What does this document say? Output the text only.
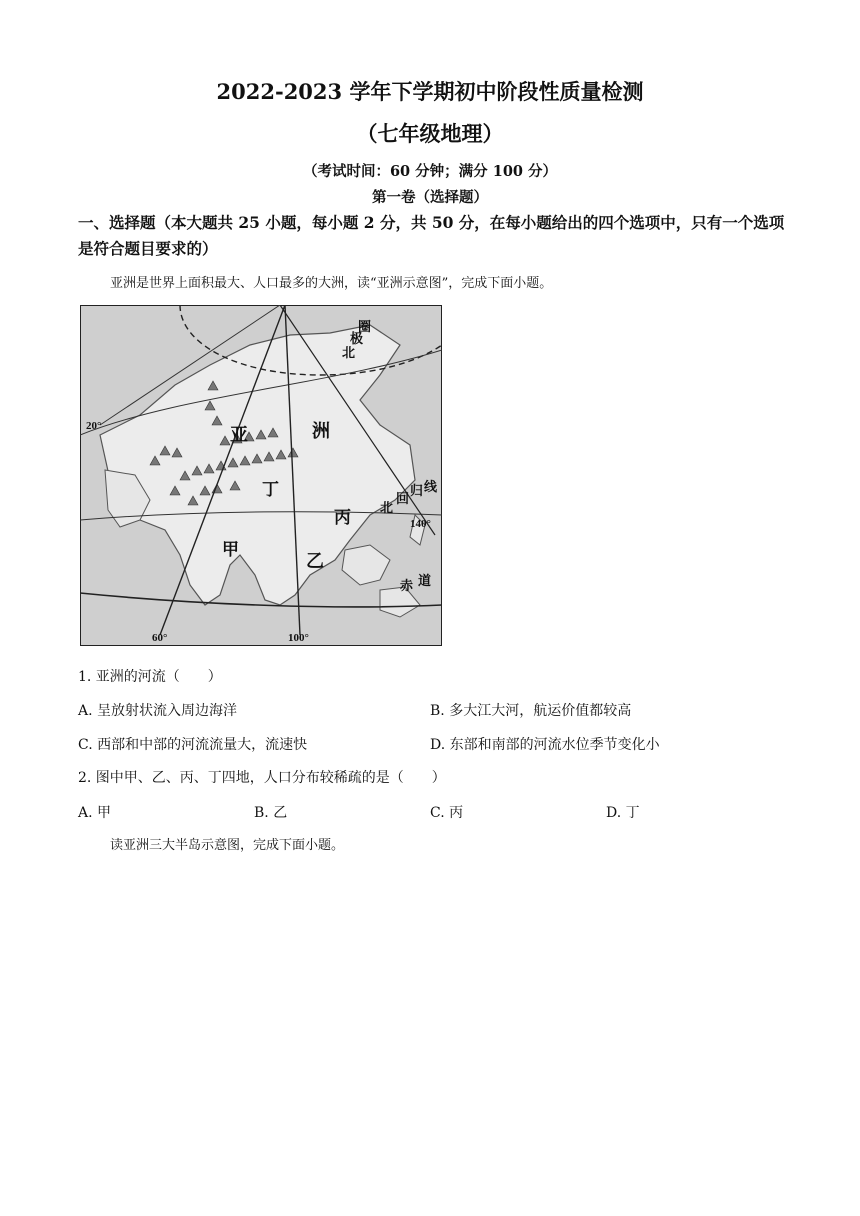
2022-2023 学年下学期初中阶段性质量检测
（七年级地理）
（考试时间：60 分钟；满分 100 分）
第一卷（选择题）
一、选择题（本大题共 25 小题，每小题 2 分，共 50 分，在每小题给出的四个选项中，只有一个选项是符合题目要求的）
亚洲是世界上面积最大、人口最多的大洲，读“亚洲示意图”，完成下面小题。
亚	洲
丁
丙
甲
乙
北
极
圈
北
回
归 线
赤 道
20°
60°	100°
140°
1. 亚洲的河流（　　）
A. 呈放射状流入周边海洋	B. 多大江大河，航运价值都较高
C. 西部和中部的河流流量大，流速快	D. 东部和南部的河流水位季节变化小
2. 图中甲、乙、丙、丁四地，人口分布较稀疏的是（　　）
A. 甲	B. 乙	C. 丙	D. 丁
读亚洲三大半岛示意图，完成下面小题。
